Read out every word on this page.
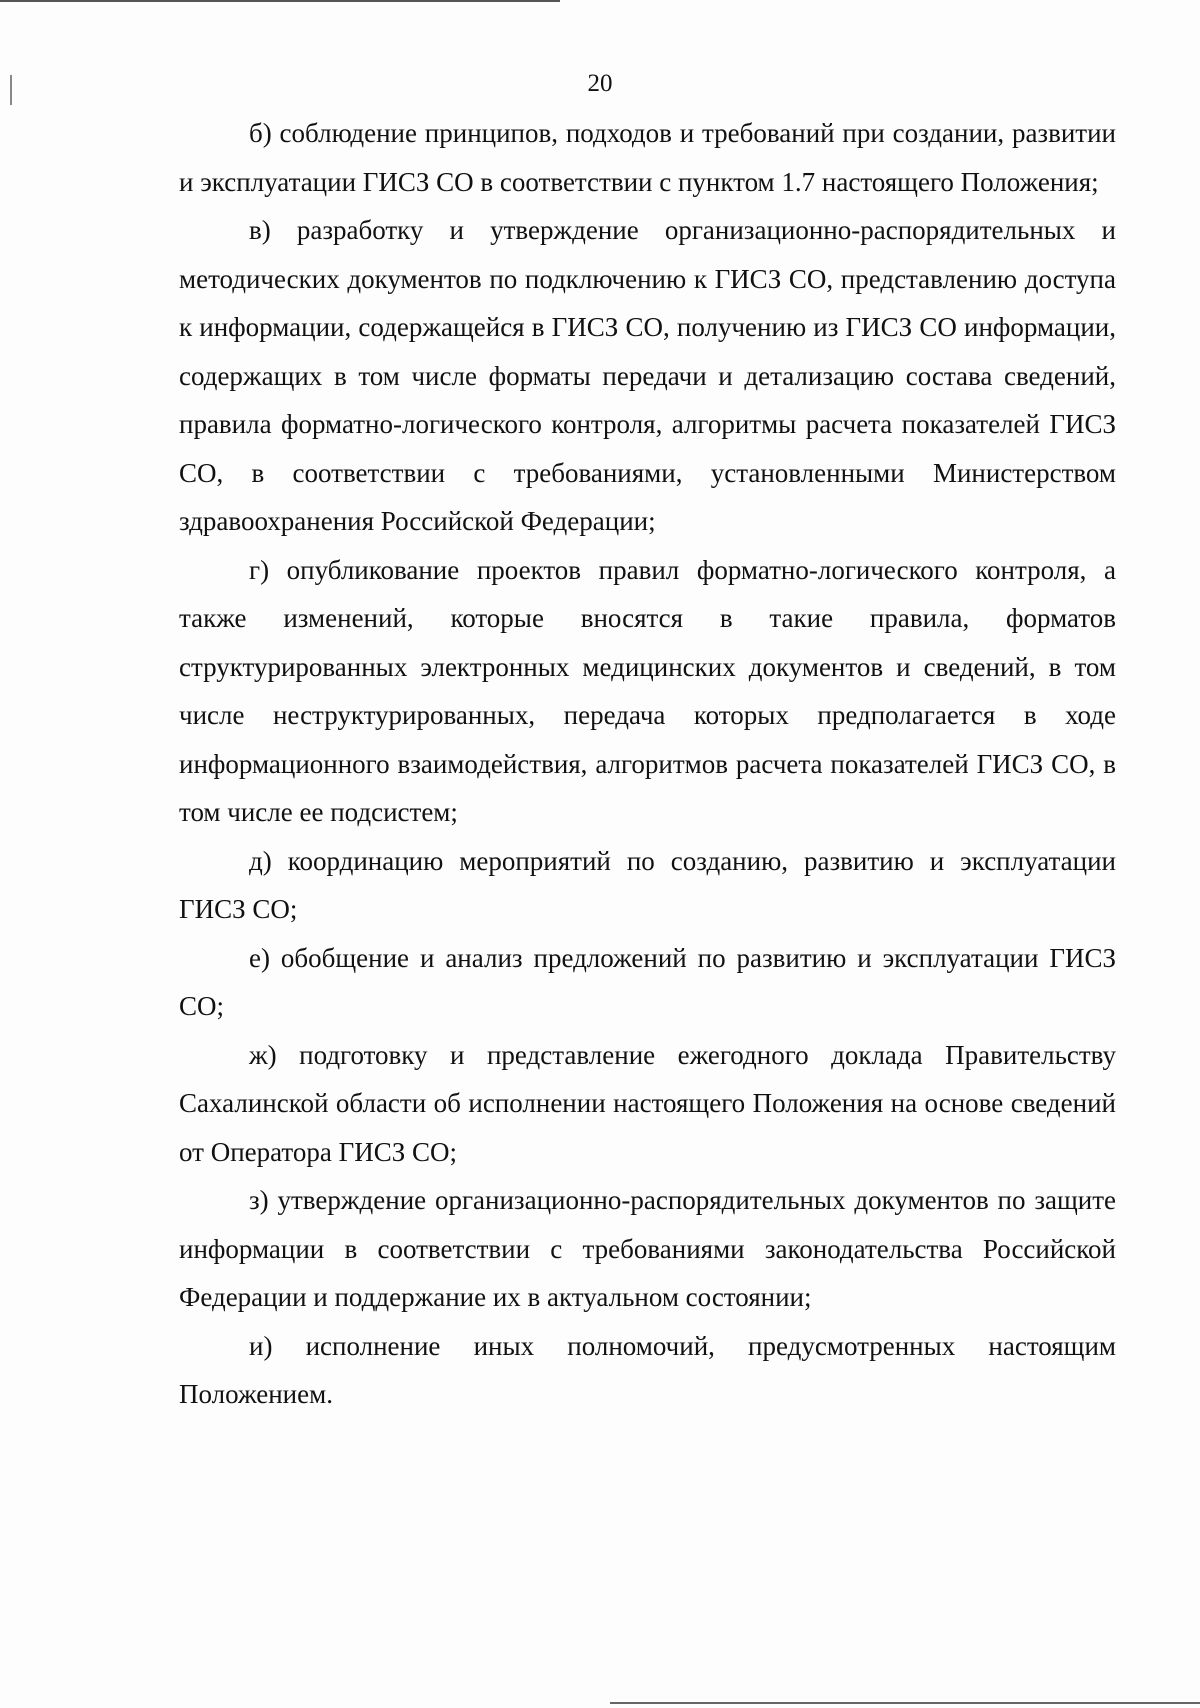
20

б) соблюдение принципов, подходов и требований при создании, развитии и эксплуатации ГИСЗ СО в соответствии с пунктом 1.7 настоящего Положения;

в) разработку и утверждение организационно-распорядительных и методических документов по подключению к ГИСЗ СО, представлению доступа к информации, содержащейся в ГИСЗ СО, получению из ГИСЗ СО информации, содержащих в том числе форматы передачи и детализацию состава сведений, правила форматно-логического контроля, алгоритмы расчета показателей ГИСЗ СО, в соответствии с требованиями, установленными Министерством здравоохранения Российской Федерации;

г) опубликование проектов правил форматно-логического контроля, а также изменений, которые вносятся в такие правила, форматов структурированных электронных медицинских документов и сведений, в том числе неструктурированных, передача которых предполагается в ходе информационного взаимодействия, алгоритмов расчета показателей ГИСЗ СО, в том числе ее подсистем;

д) координацию мероприятий по созданию, развитию и эксплуатации ГИСЗ СО;

е) обобщение и анализ предложений по развитию и эксплуатации ГИСЗ СО;

ж) подготовку и представление ежегодного доклада Правительству Сахалинской области об исполнении настоящего Положения на основе сведений от Оператора ГИСЗ СО;

з) утверждение организационно-распорядительных документов по защите информации в соответствии с требованиями законодательства Российской Федерации и поддержание их в актуальном состоянии;

и) исполнение иных полномочий, предусмотренных настоящим Положением.
